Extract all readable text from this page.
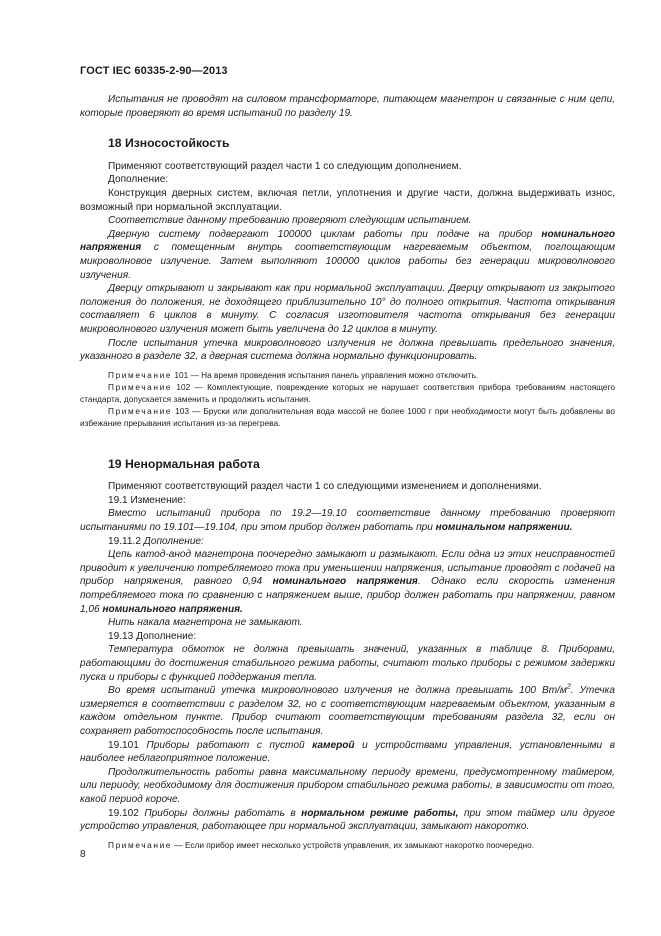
ГОСТ IEC 60335-2-90—2013

Испытания не проводят на силовом трансформаторе, питающем магнетрон и связанные с ним цепи, которые проверяют во время испытаний по разделу 19.

18 Износостойкость

Применяют соответствующий раздел части 1 со следующим дополнением.

Дополнение:

Конструкция дверных систем, включая петли, уплотнения и другие части, должна выдерживать износ, возможный при нормальной эксплуатации.

Соответствие данному требованию проверяют следующим испытанием.

Дверную систему подвергают 100000 циклам работы при подаче на прибор номинального напряжения с помещенным внутрь соответствующим нагреваемым объектом, поглощающим микроволновое излучение. Затем выполняют 100000 циклов работы без генерации микроволнового излучения.

Дверцу открывают и закрывают как при нормальной эксплуатации. Дверцу открывают из закрытого положения до положения, не доходящего приблизительно 10° до полного открытия. Частота открывания составляет 6 циклов в минуту. С согласия изготовителя частота открывания без генерации микроволнового излучения может быть увеличена до 12 циклов в минуту.

После испытания утечка микроволнового излучения не должна превышать предельного значения, указанного в разделе 32, а дверная система должна нормально функционировать.

Примечание 101 — На время проведения испытания панель управления можно отключить.

Примечание 102 — Комплектующие, повреждение которых не нарушает соответствия прибора требованиям настоящего стандарта, допускается заменить и продолжить испытания.

Примечание 103 — Бруски или дополнительная вода массой не более 1000 г при необходимости могут быть добавлены во избежание прерывания испытания из-за перегрева.

19 Ненормальная работа

Применяют соответствующий раздел части 1 со следующими изменением и дополнениями.

19.1 Изменение:

Вместо испытаний прибора по 19.2—19.10 соответствие данному требованию проверяют испытаниями по 19.101—19.104, при этом прибор должен работать при номинальном напряжении.

19.11.2 Дополнение:

Цепь катод-анод магнетрона поочередно замыкают и размыкают. Если одна из этих неисправностей приводит к увеличению потребляемого тока при уменьшении напряжения, испытание проводят с подачей на прибор напряжения, равного 0,94 номинального напряжения. Однако если скорость изменения потребляемого тока по сравнению с напряжением выше, прибор должен работать при напряжении, равном 1,06 номинального напряжения.

Нить накала магнетрона не замыкают.

19.13 Дополнение:

Температура обмоток не должна превышать значений, указанных в таблице 8. Приборами, работающими до достижения стабильного режима работы, считают только приборы с режимом задержки пуска и приборы с функцией поддержания тепла.

Во время испытаний утечка микроволнового излучения не должна превышать 100 $Вт/м^2$. Утечка измеряется в соответствии с разделом 32, но с соответствующим нагреваемым объектом, указанным в каждом отдельном пункте. Прибор считают соответствующим требованиям раздела 32, если он сохраняет работоспособность после испытания.

19.101 Приборы работают с пустой камерой и устройствами управления, установленными в наиболее неблагоприятное положение.

Продолжительность работы равна максимальному периоду времени, предусмотренному таймером, или периоду, необходимому для достижения прибором стабильного режима работы, в зависимости от того, какой период короче.

19.102 Приборы должны работать в нормальном режиме работы, при этом таймер или другое устройство управления, работающее при нормальной эксплуатации, замыкают накоротко.

Примечание — Если прибор имеет несколько устройств управления, их замыкают накоротко поочередно.

8
